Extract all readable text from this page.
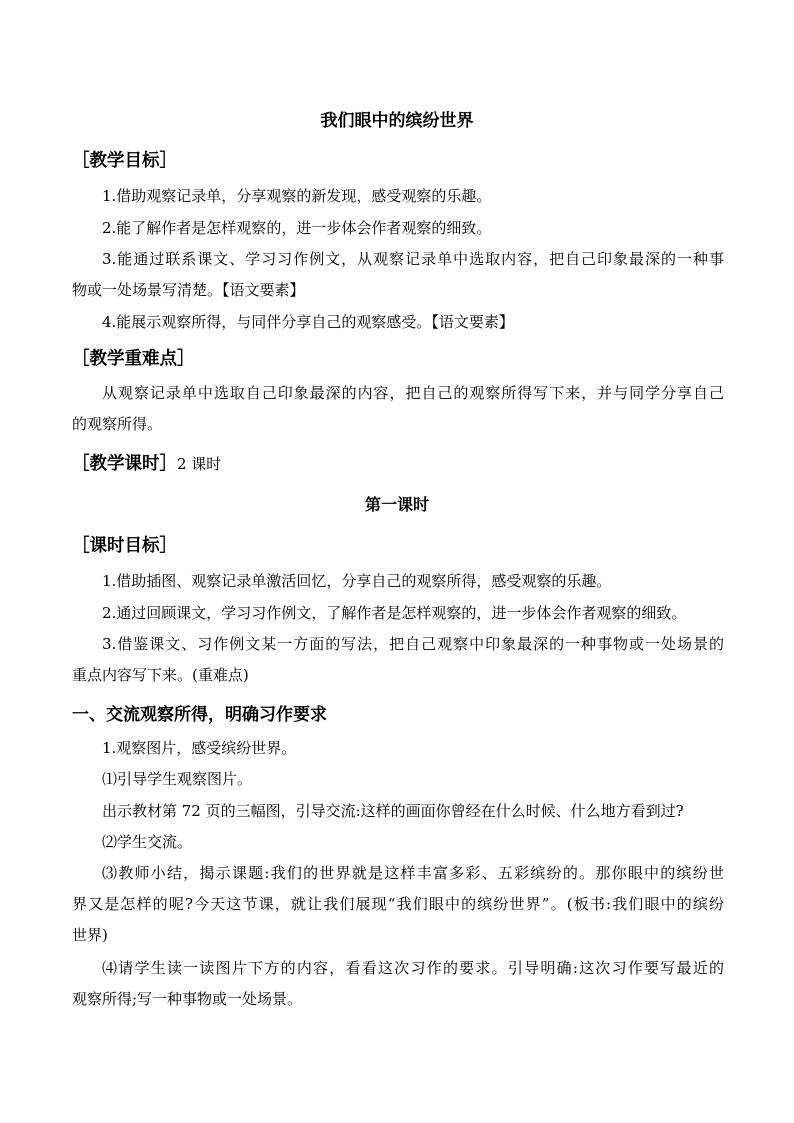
我们眼中的缤纷世界
［教学目标］
1.借助观察记录单，分享观察的新发现，感受观察的乐趣。
2.能了解作者是怎样观察的，进一步体会作者观察的细致。
3.能通过联系课文、学习习作例文，从观察记录单中选取内容，把自己印象最深的一种事
物或一处场景写清楚。【语文要素】
4.能展示观察所得，与同伴分享自己的观察感受。【语文要素】
［教学重难点］
从观察记录单中选取自己印象最深的内容，把自己的观察所得写下来，并与同学分享自己
的观察所得。
［教学课时］2 课时
第一课时
［课时目标］
1.借助插图、观察记录单激活回忆，分享自己的观察所得，感受观察的乐趣。
2.通过回顾课文，学习习作例文，了解作者是怎样观察的，进一步体会作者观察的细致。
3.借鉴课文、习作例文某一方面的写法，把自己观察中印象最深的一种事物或一处场景的
重点内容写下来。(重难点)
一、交流观察所得，明确习作要求
1.观察图片，感受缤纷世界。
⑴引导学生观察图片。
出示教材第 72 页的三幅图，引导交流:这样的画面你曾经在什么时候、什么地方看到过?
⑵学生交流。
⑶教师小结，揭示课题:我们的世界就是这样丰富多彩、五彩缤纷的。那你眼中的缤纷世
界又是怎样的呢?今天这节课，就让我们展现“我们眼中的缤纷世界”。(板书:我们眼中的缤纷
世界)
⑷请学生读一读图片下方的内容，看看这次习作的要求。引导明确:这次习作要写最近的
观察所得;写一种事物或一处场景。
